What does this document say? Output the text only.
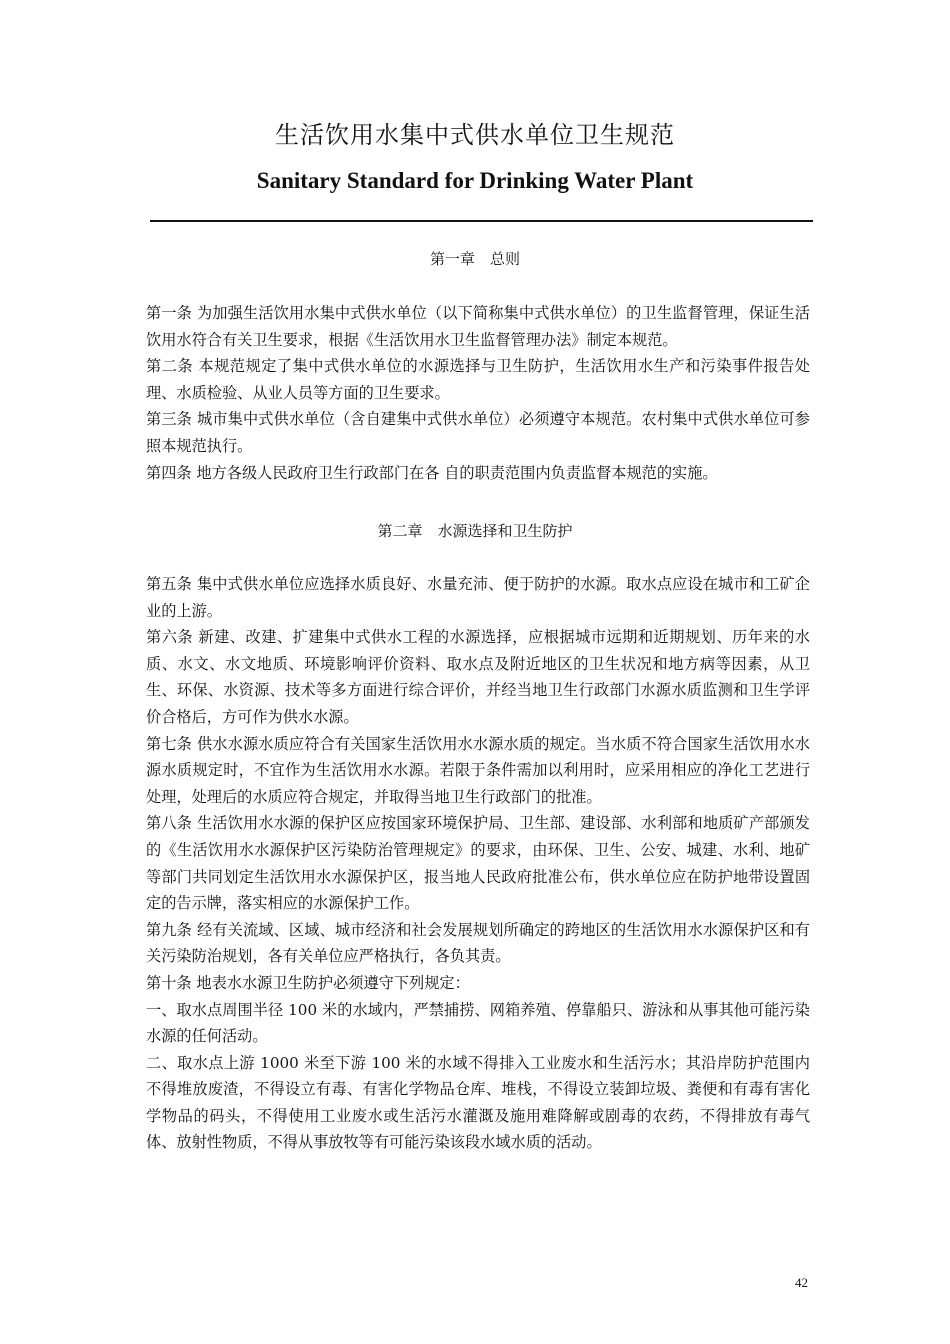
生活饮用水集中式供水单位卫生规范
Sanitary Standard for Drinking Water Plant
第一章　总则

第一条 为加强生活饮用水集中式供水单位（以下简称集中式供水单位）的卫生监督管理，保证生活饮用水符合有关卫生要求，根据《生活饮用水卫生监督管理办法》制定本规范。

第二条 本规范规定了集中式供水单位的水源选择与卫生防护，生活饮用水生产和污染事件报告处理、水质检验、从业人员等方面的卫生要求。

第三条 城市集中式供水单位（含自建集中式供水单位）必须遵守本规范。农村集中式供水单位可参照本规范执行。

第四条 地方各级人民政府卫生行政部门在各 自的职责范围内负责监督本规范的实施。

第二章　水源选择和卫生防护

第五条 集中式供水单位应选择水质良好、水量充沛、便于防护的水源。取水点应设在城市和工矿企业的上游。

第六条 新建、改建、扩建集中式供水工程的水源选择，应根据城市远期和近期规划、历年来的水质、水文、水文地质、环境影响评价资料、取水点及附近地区的卫生状况和地方病等因素，从卫生、环保、水资源、技术等多方面进行综合评价，并经当地卫生行政部门水源水质监测和卫生学评价合格后，方可作为供水水源。

第七条 供水水源水质应符合有关国家生活饮用水水源水质的规定。当水质不符合国家生活饮用水水源水质规定时，不宜作为生活饮用水水源。若限于条件需加以利用时，应采用相应的净化工艺进行处理，处理后的水质应符合规定，并取得当地卫生行政部门的批准。

第八条 生活饮用水水源的保护区应按国家环境保护局、卫生部、建设部、水利部和地质矿产部颁发的《生活饮用水水源保护区污染防治管理规定》的要求，由环保、卫生、公安、城建、水利、地矿等部门共同划定生活饮用水水源保护区，报当地人民政府批准公布，供水单位应在防护地带设置固定的告示牌，落实相应的水源保护工作。

第九条 经有关流域、区域、城市经济和社会发展规划所确定的跨地区的生活饮用水水源保护区和有关污染防治规划，各有关单位应严格执行，各负其责。

第十条 地表水水源卫生防护必须遵守下列规定：

一、取水点周围半径 100 米的水域内，严禁捕捞、网箱养殖、停靠船只、游泳和从事其他可能污染水源的任何活动。

二、取水点上游 1000 米至下游 100 米的水域不得排入工业废水和生活污水；其沿岸防护范围内不得堆放废渣，不得设立有毒、有害化学物品仓库、堆栈，不得设立装卸垃圾、粪便和有毒有害化学物品的码头，不得使用工业废水或生活污水灌溉及施用难降解或剧毒的农药，不得排放有毒气体、放射性物质，不得从事放牧等有可能污染该段水域水质的活动。

42
